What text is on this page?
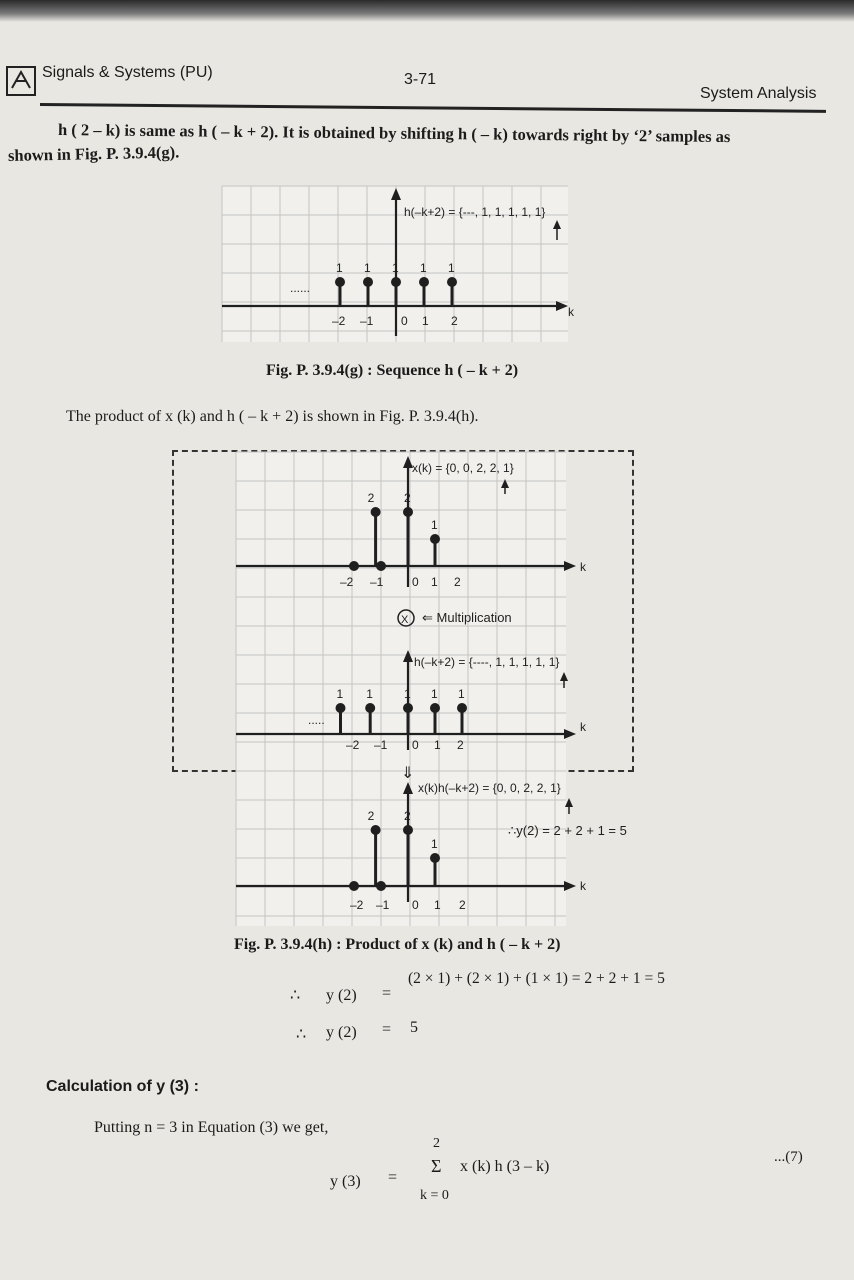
Signals & Systems (PU)	3-71
System Analysis
h ( 2 – k) is same as h ( – k + 2). It is obtained by shifting h ( – k) towards right by ‘2’ samples as
shown in Fig. P. 3.9.4(g).
h(–k+2) = {---, 1, 1, 1, 1, 1}
......
1 1 1 1 1
k
–2 –1 0 1 2
Fig. P. 3.9.4(g) : Sequence h ( – k + 2)
The product of x (k) and h ( – k + 2) is shown in Fig. P. 3.9.4(h).
x(k) = {0, 0, 2, 2, 1}
k
2 2
1
–2 –1 0 1 2
X ⇐ Multiplication
h(–k+2) = {----, 1, 1, 1, 1, 1}
k
.....
1 1	1 1 1
–2 –1 0 1 2
⇓
x(k)h(–k+2) = {0, 0, 2, 2, 1}
∴y(2) = 2 + 2 + 1 = 5
k
2 2
1
–2 –1 0 1 2
Fig. P. 3.9.4(h) : Product of x (k) and h ( – k + 2)
∴ y (2) =
(2 × 1) + (2 × 1) + (1 × 1) = 2 + 2 + 1 = 5
∴ y (2) = 5
Calculation of y (3) :
Putting n = 3 in Equation (3) we get,
y (3) =
2
Σ x (k) h (3 – k)
k = 0
...(7)
